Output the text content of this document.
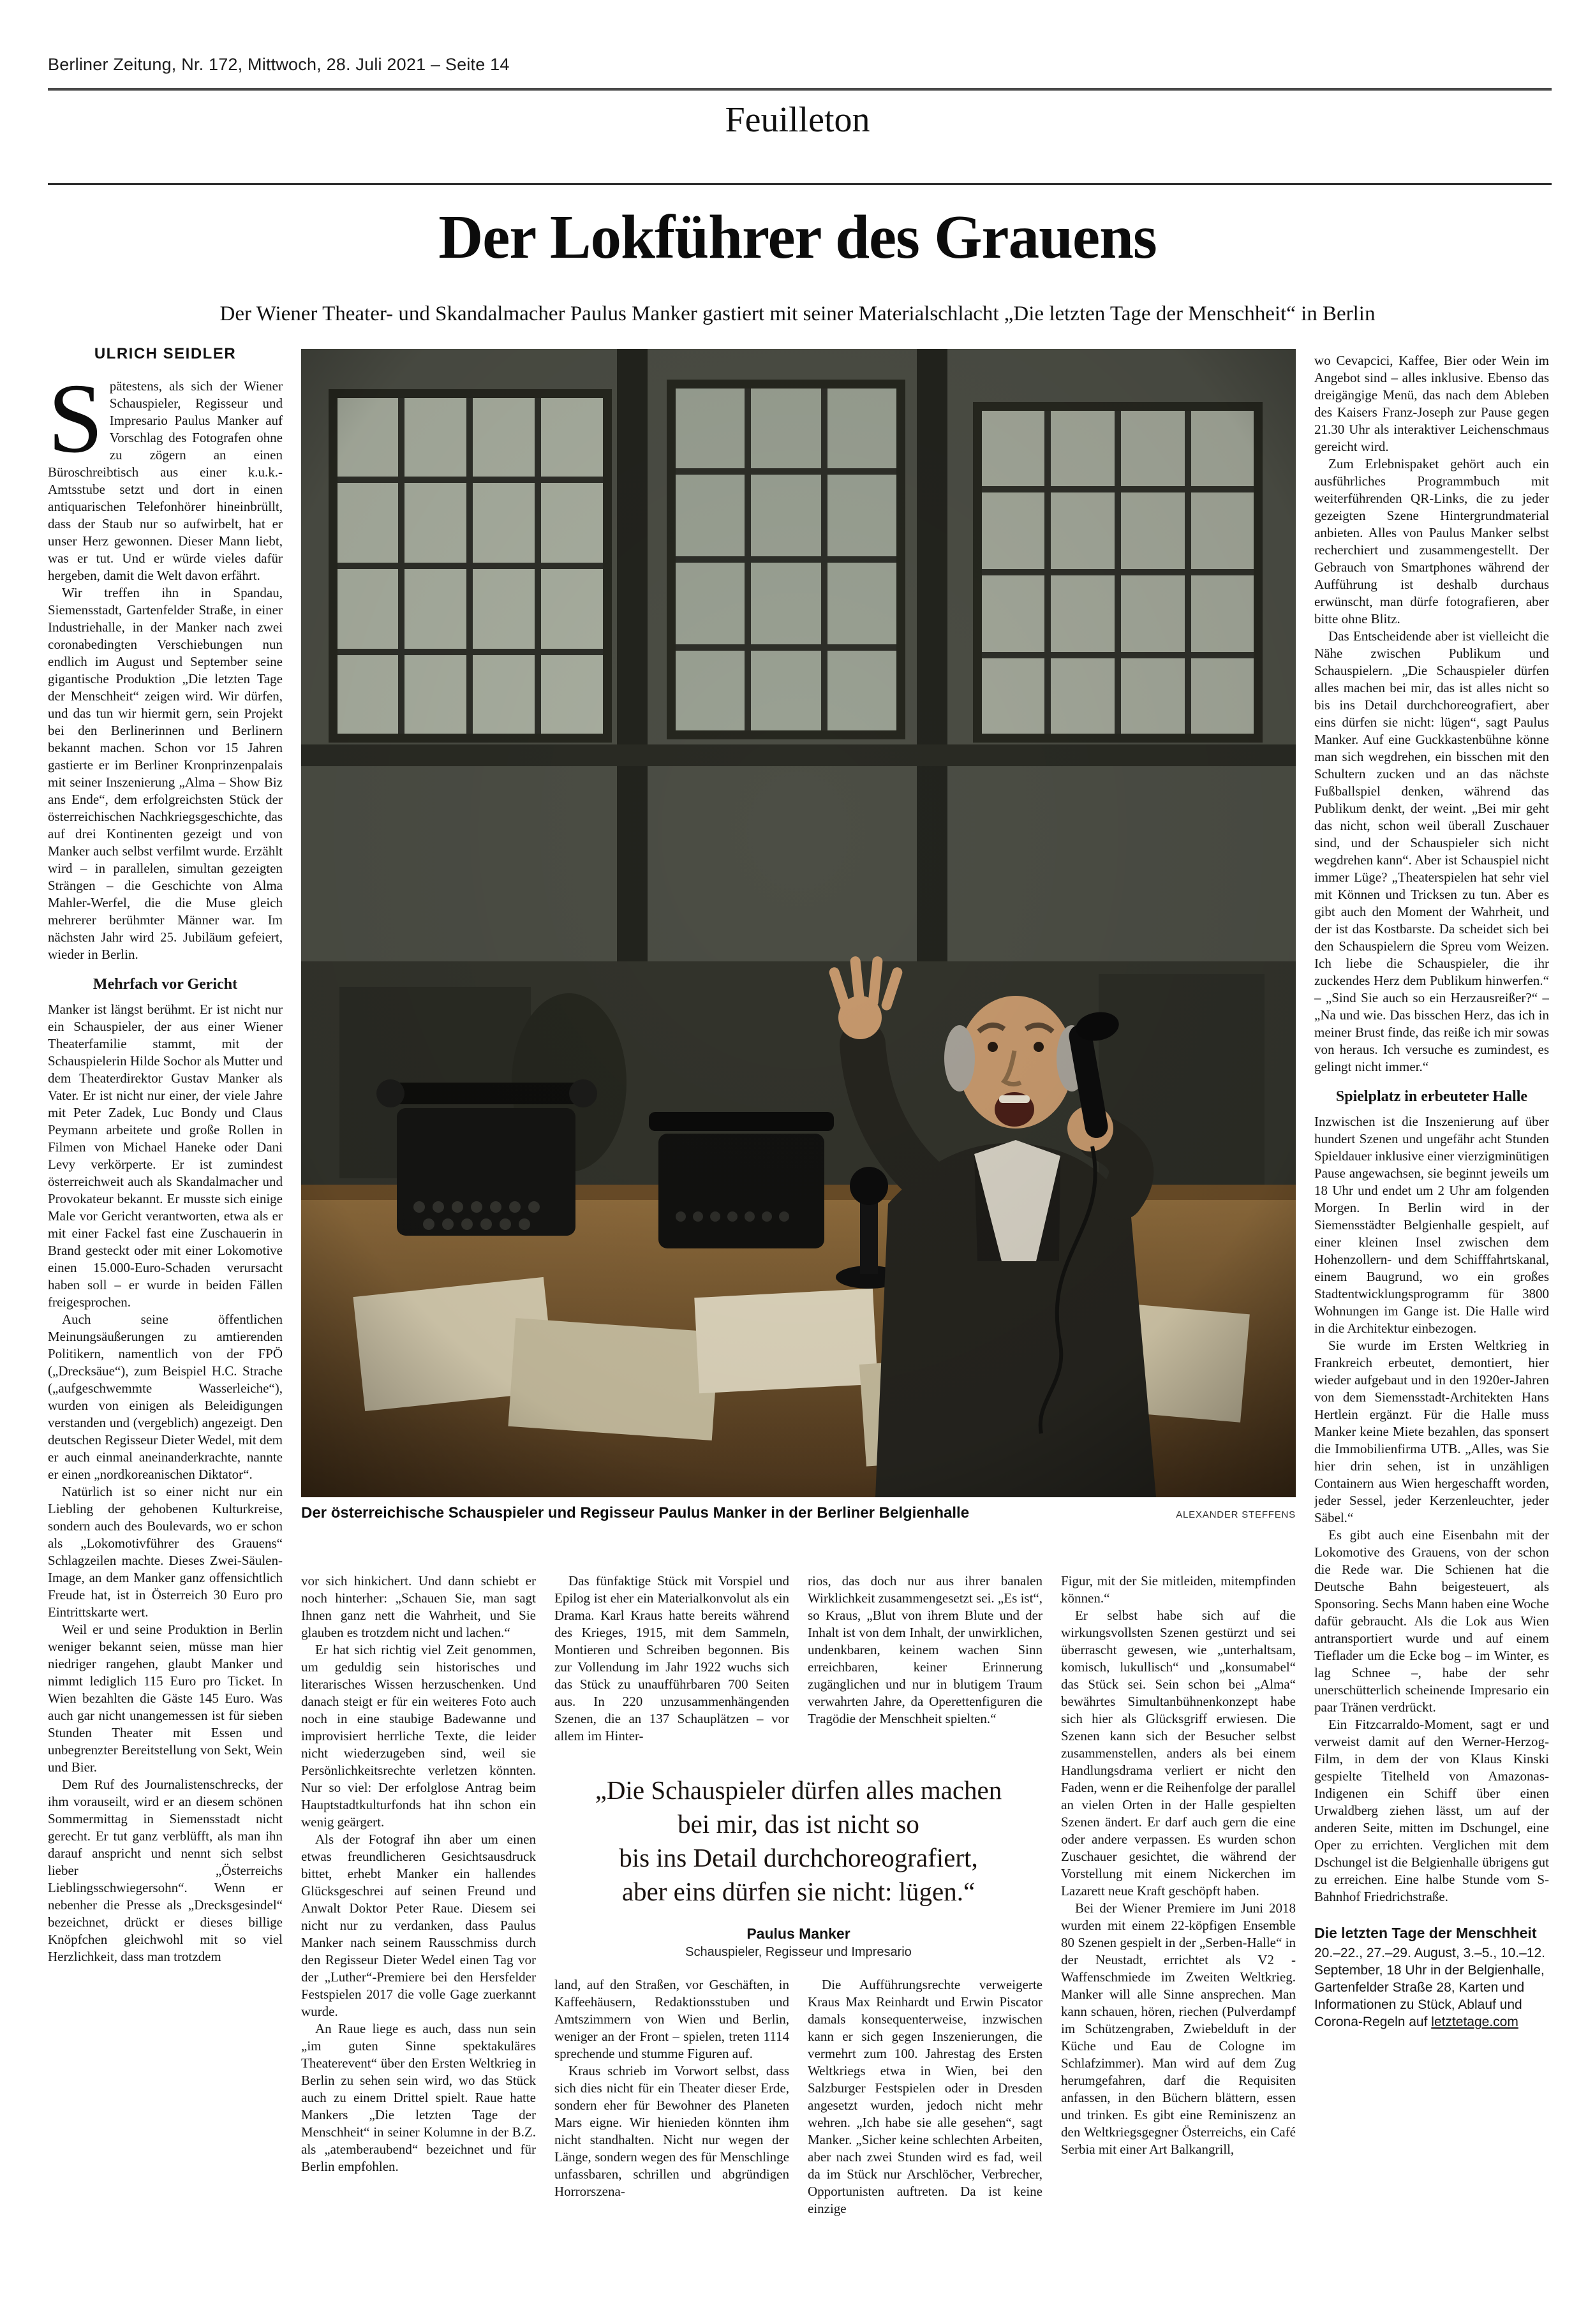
Berliner Zeitung, Nr. 172, Mittwoch, 28. Juli 2021 – Seite 14
Feuilleton
Der Lokführer des Grauens
Der Wiener Theater- und Skandalmacher Paulus Manker gastiert mit seiner Materialschlacht „Die letzten Tage der Menschheit“ in Berlin
ULRICH SEIDLER

Spätestens, als sich der Wiener Schauspieler, Regisseur und Impresario Paulus Manker auf Vorschlag des Fotografen ohne zu zögern an einen Büroschreibtisch aus einer k.u.k.-Amtsstube setzt und dort in einen antiquarischen Telefonhörer hineinbrüllt, dass der Staub nur so aufwirbelt, hat er unser Herz gewonnen. Dieser Mann liebt, was er tut. Und er würde vieles dafür hergeben, damit die Welt davon erfährt.

Wir treffen ihn in Spandau, Siemensstadt, Gartenfelder Straße, in einer Industriehalle, in der Manker nach zwei coronabedingten Verschiebungen nun endlich im August und September seine gigantische Produktion „Die letzten Tage der Menschheit“ zeigen wird. Wir dürfen, und das tun wir hiermit gern, sein Projekt bei den Berlinerinnen und Berlinern bekannt machen. Schon vor 15 Jahren gastierte er im Berliner Kronprinzenpalais mit seiner Inszenierung „Alma – Show Biz ans Ende“, dem erfolgreichsten Stück der österreichischen Nachkriegsgeschichte, das auf drei Kontinenten gezeigt und von Manker auch selbst verfilmt wurde. Erzählt wird – in parallelen, simultan gezeigten Strängen – die Geschichte von Alma Mahler-Werfel, die die Muse gleich mehrerer berühmter Männer war. Im nächsten Jahr wird 25. Jubiläum gefeiert, wieder in Berlin.

Mehrfach vor Gericht

Manker ist längst berühmt. Er ist nicht nur ein Schauspieler, der aus einer Wiener Theaterfamilie stammt, mit der Schauspielerin Hilde Sochor als Mutter und dem Theaterdirektor Gustav Manker als Vater. Er ist nicht nur einer, der viele Jahre mit Peter Zadek, Luc Bondy und Claus Peymann arbeitete und große Rollen in Filmen von Michael Haneke oder Dani Levy verkörperte. Er ist zumindest österreichweit auch als Skandalmacher und Provokateur bekannt. Er musste sich einige Male vor Gericht verantworten, etwa als er mit einer Fackel fast eine Zuschauerin in Brand gesteckt oder mit einer Lokomotive einen 15.000-Euro-Schaden verursacht haben soll – er wurde in beiden Fällen freigesprochen.

Auch seine öffentlichen Meinungsäußerungen zu amtierenden Politikern, namentlich von der FPÖ („Drecksäue“), zum Beispiel H.C. Strache („aufgeschwemmte Wasserleiche“), wurden von einigen als Beleidigungen verstanden und (vergeblich) angezeigt. Den deutschen Regisseur Dieter Wedel, mit dem er auch einmal aneinanderkrachte, nannte er einen „nordkoreanischen Diktator“.

Natürlich ist so einer nicht nur ein Liebling der gehobenen Kulturkreise, sondern auch des Boulevards, wo er schon als „Lokomotivführer des Grauens“ Schlagzeilen machte. Dieses Zwei-Säulen-Image, an dem Manker ganz offensichtlich Freude hat, ist in Österreich 30 Euro pro Eintrittskarte wert.

Weil er und seine Produktion in Berlin weniger bekannt seien, müsse man hier niedriger rangehen, glaubt Manker und nimmt lediglich 115 Euro pro Ticket. In Wien bezahlten die Gäste 145 Euro. Was auch gar nicht unangemessen ist für sieben Stunden Theater mit Essen und unbegrenzter Bereitstellung von Sekt, Wein und Bier.

Dem Ruf des Journalistenschrecks, der ihm vorauseilt, wird er an diesem schönen Sommermittag in Siemensstadt nicht gerecht. Er tut ganz verblüfft, als man ihn darauf anspricht und nennt sich selbst lieber „Österreichs Lieblingsschwiegersohn“. Wenn er nebenher die Presse als „Drecksgesindel“ bezeichnet, drückt er dieses billige Knöpfchen gleichwohl mit so viel Herzlichkeit, dass man trotzdem

Der österreichische Schauspieler und Regisseur Paulus Manker in der Berliner Belgienhalle	ALEXANDER STEFFENS

vor sich hinkichert. Und dann schiebt er noch hinterher: „Schauen Sie, man sagt Ihnen ganz nett die Wahrheit, und Sie glauben es trotzdem nicht und lachen.“

Er hat sich richtig viel Zeit genommen, um geduldig sein historisches und literarisches Wissen herzuschenken. Und danach steigt er für ein weiteres Foto auch noch in eine staubige Badewanne und improvisiert herrliche Texte, die leider nicht wiederzugeben sind, weil sie Persönlichkeitsrechte verletzen könnten. Nur so viel: Der erfolglose Antrag beim Hauptstadtkulturfonds hat ihn schon ein wenig geärgert.

Als der Fotograf ihn aber um einen etwas freundlicheren Gesichtsausdruck bittet, erhebt Manker ein hallendes Glücksgeschrei auf seinen Freund und Anwalt Doktor Peter Raue. Diesem sei nicht nur zu verdanken, dass Paulus Manker nach seinem Rausschmiss durch den Regisseur Dieter Wedel einen Tag vor der „Luther“-Premiere bei den Hersfelder Festspielen 2017 die volle Gage zuerkannt wurde.

An Raue liege es auch, dass nun sein „im guten Sinne spektakuläres Theaterevent“ über den Ersten Weltkrieg in Berlin zu sehen sein wird, wo das Stück auch zu einem Drittel spielt. Raue hatte Mankers „Die letzten Tage der Menschheit“ in seiner Kolumne in der B.Z. als „atemberaubend“ bezeichnet und für Berlin empfohlen.

Das fünfaktige Stück mit Vorspiel und Epilog ist eher ein Materialkonvolut als ein Drama. Karl Kraus hatte bereits während des Krieges, 1915, mit dem Sammeln, Montieren und Schreiben begonnen. Bis zur Vollendung im Jahr 1922 wuchs sich das Stück zu unaufführbaren 700 Seiten aus. In 220 unzusammenhängenden Szenen, die an 137 Schauplätzen – vor allem im Hinter-

rios, das doch nur aus ihrer banalen Wirklichkeit zusammengesetzt sei. „Es ist“, so Kraus, „Blut von ihrem Blute und der Inhalt ist von dem Inhalt, der unwirklichen, undenkbaren, keinem wachen Sinn erreichbaren, keiner Erinnerung zugänglichen und nur in blutigem Traum verwahrten Jahre, da Operettenfiguren die Tragödie der Menschheit spielten.“

„Die Schauspieler dürfen alles machen
bei mir, das ist nicht so
bis ins Detail durchchoreografiert,
aber eins dürfen sie nicht: lügen.“
Paulus Manker
Schauspieler, Regisseur und Impresario

land, auf den Straßen, vor Geschäften, in Kaffeehäusern, Redaktionsstuben und Amtszimmern von Wien und Berlin, weniger an der Front – spielen, treten 1114 sprechende und stumme Figuren auf.

Kraus schrieb im Vorwort selbst, dass sich dies nicht für ein Theater dieser Erde, sondern eher für Bewohner des Planeten Mars eigne. Wir hienieden könnten ihm nicht standhalten. Nicht nur wegen der Länge, sondern wegen des für Menschlinge unfassbaren, schrillen und abgründigen Horrorszena-

Die Aufführungsrechte verweigerte Kraus Max Reinhardt und Erwin Piscator damals konsequenterweise, inzwischen kann er sich gegen Inszenierungen, die vermehrt zum 100. Jahrestag des Ersten Weltkriegs etwa in Wien, bei den Salzburger Festspielen oder in Dresden angesetzt wurden, jedoch nicht mehr wehren. „Ich habe sie alle gesehen“, sagt Manker. „Sicher keine schlechten Arbeiten, aber nach zwei Stunden wird es fad, weil da im Stück nur Arschlöcher, Verbrecher, Opportunisten auftreten. Da ist keine einzige

Figur, mit der Sie mitleiden, mitempfinden können.“

Er selbst habe sich auf die wirkungsvollsten Szenen gestürzt und sei überrascht gewesen, wie „unterhaltsam, komisch, lukullisch“ und „konsumabel“ das Stück sei. Sein schon bei „Alma“ bewährtes Simultanbühnenkonzept habe sich hier als Glücksgriff erwiesen. Die Szenen kann sich der Besucher selbst zusammenstellen, anders als bei einem Handlungsdrama verliert er nicht den Faden, wenn er die Reihenfolge der parallel an vielen Orten in der Halle gespielten Szenen ändert. Er darf auch gern die eine oder andere verpassen. Es wurden schon Zuschauer gesichtet, die während der Vorstellung mit einem Nickerchen im Lazarett neue Kraft geschöpft haben.

Bei der Wiener Premiere im Juni 2018 wurden mit einem 22-köpfigen Ensemble 80 Szenen gespielt in der „Serben-Halle“ in der Neustadt, errichtet als V2 -Waffenschmiede im Zweiten Weltkrieg. Manker will alle Sinne ansprechen. Man kann schauen, hören, riechen (Pulverdampf im Schützengraben, Zwiebelduft in der Küche und Eau de Cologne im Schlafzimmer). Man wird auf dem Zug herumgefahren, darf die Requisiten anfassen, in den Büchern blättern, essen und trinken. Es gibt eine Reminiszenz an den Weltkriegsgegner Österreichs, ein Café Serbia mit einer Art Balkangrill,

wo Cevapcici, Kaffee, Bier oder Wein im Angebot sind – alles inklusive. Ebenso das dreigängige Menü, das nach dem Ableben des Kaisers Franz-Joseph zur Pause gegen 21.30 Uhr als interaktiver Leichenschmaus gereicht wird.

Zum Erlebnispaket gehört auch ein ausführliches Programmbuch mit weiterführenden QR-Links, die zu jeder gezeigten Szene Hintergrundmaterial anbieten. Alles von Paulus Manker selbst recherchiert und zusammengestellt. Der Gebrauch von Smartphones während der Aufführung ist deshalb durchaus erwünscht, man dürfe fotografieren, aber bitte ohne Blitz.

Das Entscheidende aber ist vielleicht die Nähe zwischen Publikum und Schauspielern. „Die Schauspieler dürfen alles machen bei mir, das ist alles nicht so bis ins Detail durchchoreografiert, aber eins dürfen sie nicht: lügen“, sagt Paulus Manker. Auf eine Guckkastenbühne könne man sich wegdrehen, ein bisschen mit den Schultern zucken und an das nächste Fußballspiel denken, während das Publikum denkt, der weint. „Bei mir geht das nicht, schon weil überall Zuschauer sind, und der Schauspieler sich nicht wegdrehen kann“. Aber ist Schauspiel nicht immer Lüge? „Theaterspielen hat sehr viel mit Können und Tricksen zu tun. Aber es gibt auch den Moment der Wahrheit, und der ist das Kostbarste. Da scheidet sich bei den Schauspielern die Spreu vom Weizen. Ich liebe die Schauspieler, die ihr zuckendes Herz dem Publikum hinwerfen.“ – „Sind Sie auch so ein Herzausreißer?“ – „Na und wie. Das bisschen Herz, das ich in meiner Brust finde, das reiße ich mir sowas von heraus. Ich versuche es zumindest, es gelingt nicht immer.“

Spielplatz in erbeuteter Halle

Inzwischen ist die Inszenierung auf über hundert Szenen und ungefähr acht Stunden Spieldauer inklusive einer vierzigminütigen Pause angewachsen, sie beginnt jeweils um 18 Uhr und endet um 2 Uhr am folgenden Morgen. In Berlin wird in der Siemensstädter Belgienhalle gespielt, auf einer kleinen Insel zwischen dem Hohenzollern- und dem Schifffahrtskanal, einem Baugrund, wo ein großes Stadtentwicklungsprogramm für 3800 Wohnungen im Gange ist. Die Halle wird in die Architektur einbezogen.

Sie wurde im Ersten Weltkrieg in Frankreich erbeutet, demontiert, hier wieder aufgebaut und in den 1920er-Jahren von dem Siemensstadt-Architekten Hans Hertlein ergänzt. Für die Halle muss Manker keine Miete bezahlen, das sponsert die Immobilienfirma UTB. „Alles, was Sie hier drin sehen, ist in unzähligen Containern aus Wien hergeschafft worden, jeder Sessel, jeder Kerzenleuchter, jeder Säbel.“

Es gibt auch eine Eisenbahn mit der Lokomotive des Grauens, von der schon die Rede war. Die Schienen hat die Deutsche Bahn beigesteuert, als Sponsoring. Sechs Mann haben eine Woche dafür gebraucht. Als die Lok aus Wien antransportiert wurde und auf einem Tieflader um die Ecke bog – im Winter, es lag Schnee –, habe der sehr unerschütterlich scheinende Impresario ein paar Tränen verdrückt.

Ein Fitzcarraldo-Moment, sagt er und verweist damit auf den Werner-Herzog-Film, in dem der von Klaus Kinski gespielte Titelheld von Amazonas-Indigenen ein Schiff über einen Urwaldberg ziehen lässt, um auf der anderen Seite, mitten im Dschungel, eine Oper zu errichten. Verglichen mit dem Dschungel ist die Belgienhalle übrigens gut zu erreichen. Eine halbe Stunde vom S-Bahnhof Friedrichstraße.

Die letzten Tage der Menschheit

20.–22., 27.–29. August, 3.–5., 10.–12. September, 18 Uhr in der Belgienhalle, Gartenfelder Straße 28, Karten und Informationen zu Stück, Ablauf und Corona-Regeln auf letztetage.com
